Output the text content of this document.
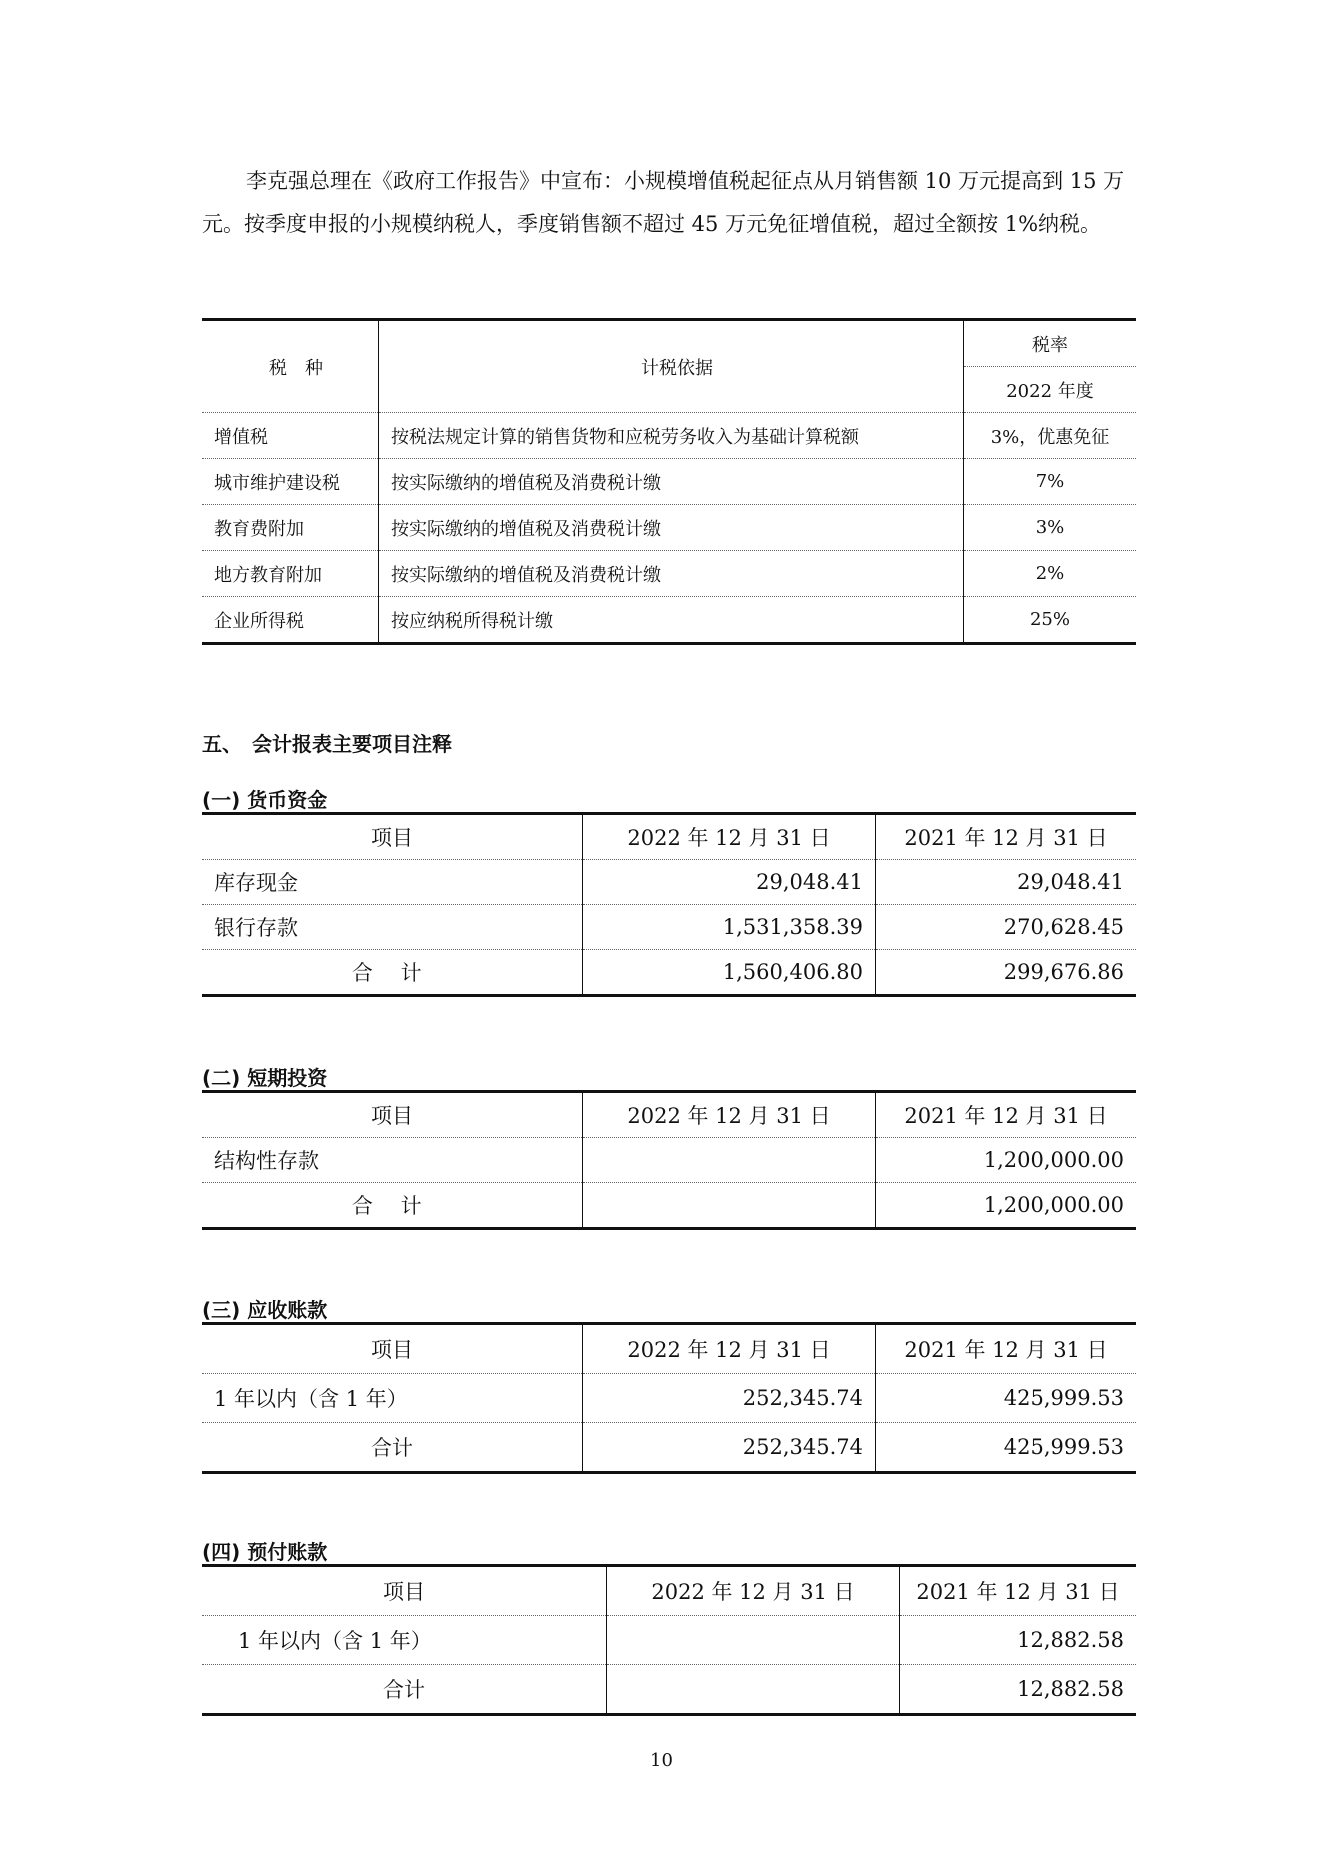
李克强总理在《政府工作报告》中宣布：小规模增值税起征点从月销售额 10 万元提高到 15 万元。按季度申报的小规模纳税人，季度销售额不超过 45 万元免征增值税，超过全额按 1%纳税。

税　种	计税依据	税率
		2022 年度
增值税	按税法规定计算的销售货物和应税劳务收入为基础计算税额	3%，优惠免征
城市维护建设税	按实际缴纳的增值税及消费税计缴	7%
教育费附加	按实际缴纳的增值税及消费税计缴	3%
地方教育附加	按实际缴纳的增值税及消费税计缴	2%
企业所得税	按应纳税所得税计缴	25%
五、　会计报表主要项目注释
(一) 货币资金
项目	2022 年 12 月 31 日	2021 年 12 月 31 日
库存现金	29,048.41	29,048.41
银行存款	1,531,358.39	270,628.45
合 计	1,560,406.80	299,676.86
(二) 短期投资
项目	2022 年 12 月 31 日	2021 年 12 月 31 日
结构性存款		1,200,000.00
合 计		1,200,000.00
(三) 应收账款
项目	2022 年 12 月 31 日	2021 年 12 月 31 日
1 年以内（含 1 年）	252,345.74	425,999.53
合计	252,345.74	425,999.53
(四) 预付账款
项目	2022 年 12 月 31 日	2021 年 12 月 31 日
1 年以内（含 1 年）		12,882.58
合计		12,882.58
10
